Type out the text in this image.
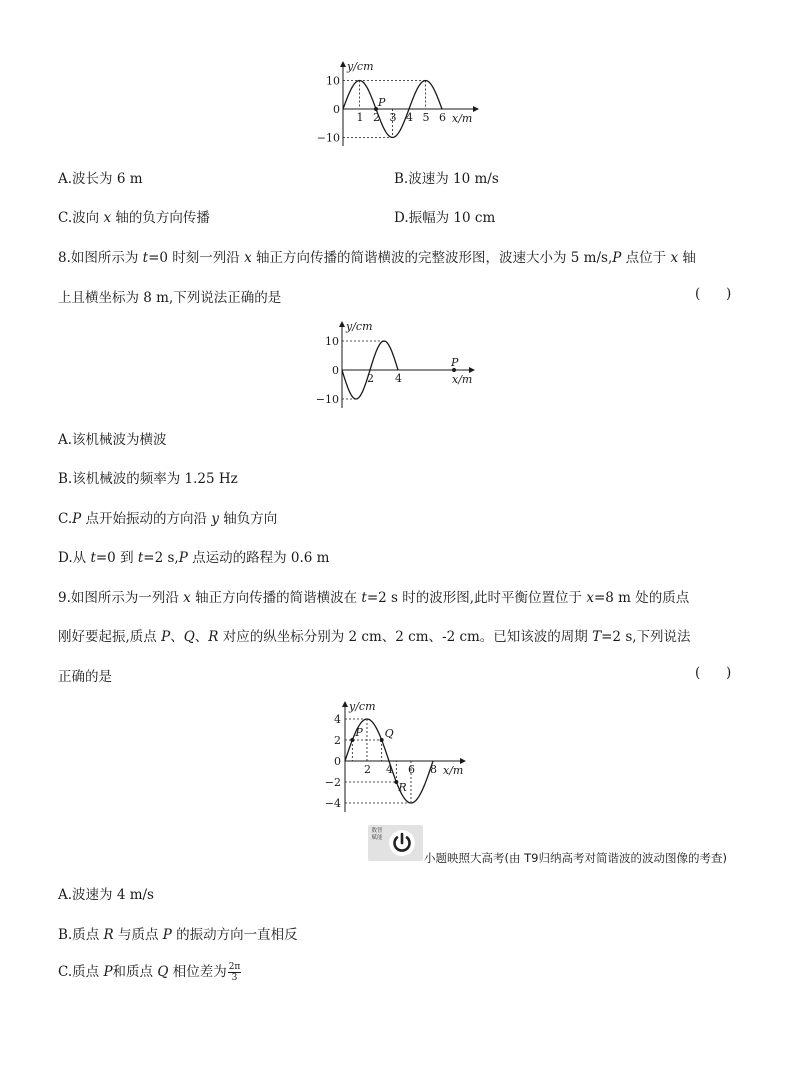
P
y/cm
x/m
10
0
−10
1 2 3 4 5 6
A.波长为 6 m	B.波速为 10 m/s
C.波向 x 轴的负方向传播	D.振幅为 10 cm
8.如图所示为 t=0 时刻一列沿 x 轴正方向传播的简谐横波的完整波形图，波速大小为 5 m/s,P 点位于 x 轴
上且横坐标为 8 m,下列说法正确的是	(      )
P
y/cm
x/m
10
0
−10
2 4
A.该机械波为横波
B.该机械波的频率为 1.25 Hz
C.P 点开始振动的方向沿 y 轴负方向
D.从 t=0 到 t=2 s,P 点运动的路程为 0.6 m
9.如图所示为一列沿 x 轴正方向传播的简谐横波在 t=2 s 时的波形图,此时平衡位置位于 x=8 m 处的质点
刚好要起振,质点 P、Q、R 对应的纵坐标分别为 2 cm、2 cm、-2 cm。已知该波的周期 T=2 s,下列说法
正确的是	(      )
P Q
R
y/cm
x/m
4
2
0
−2
−4
2 4 6 8
数智赋能
小题映照大高考(由 T9归纳高考对简谐波的波动图像的考查)
A.波速为 4 m/s
B.质点 R 与质点 P 的振动方向一直相反
C.质点 P和质点 Q 相位差为 $\frac{2\pi}{3}$
